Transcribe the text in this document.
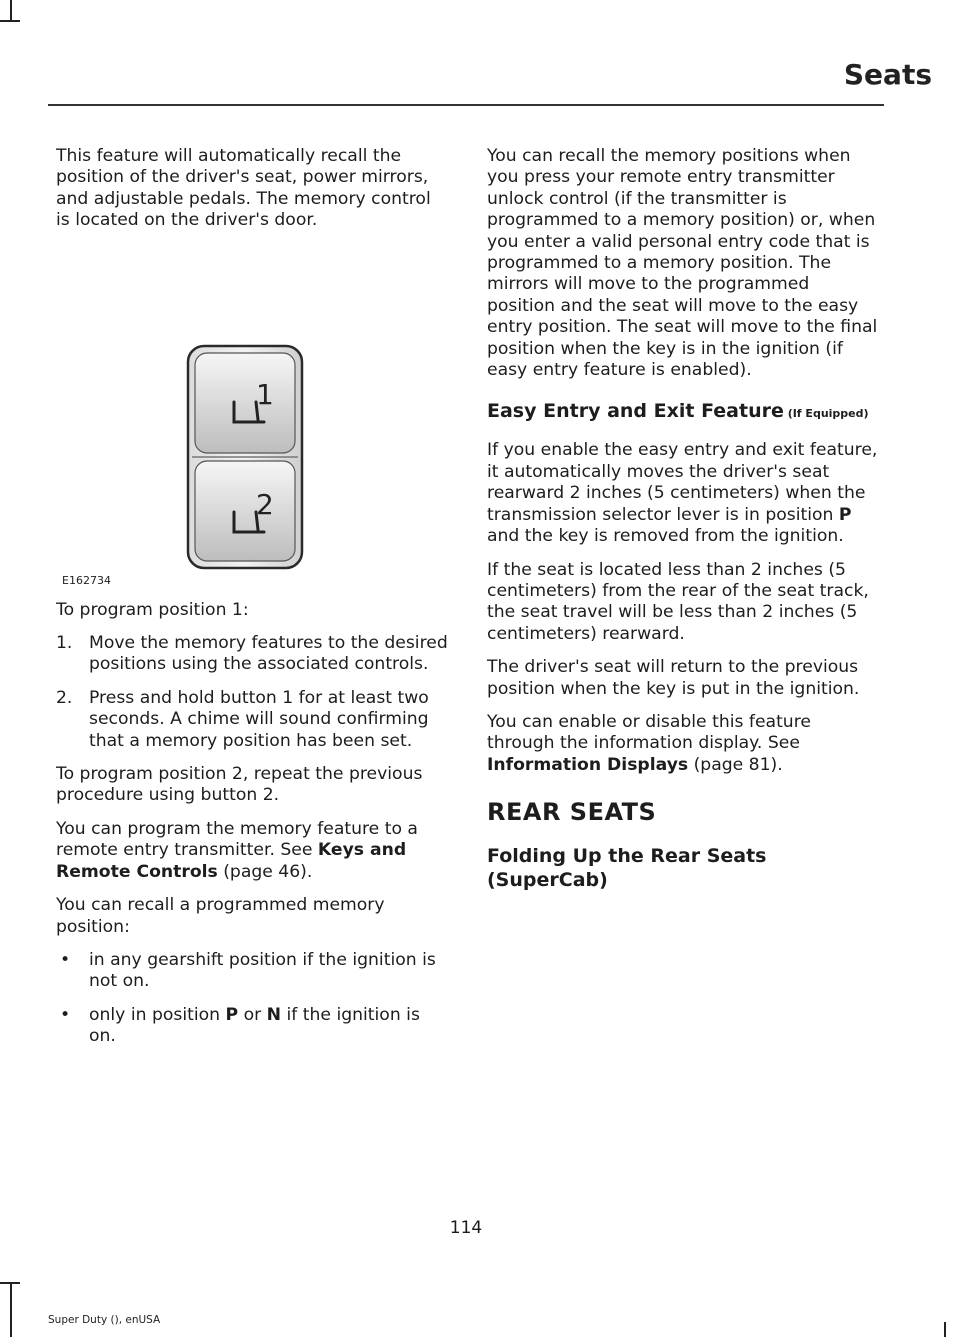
Seats

This feature will automatically recall the position of the driver's seat, power mirrors, and adjustable pedals. The memory control is located on the driver's door.

1
2
E162734

To program position 1:

1. Move the memory features to the desired positions using the associated controls.
2. Press and hold button 1 for at least two seconds. A chime will sound confirming that a memory position has been set.

To program position 2, repeat the previous procedure using button 2.

You can program the memory feature to a remote entry transmitter. See Keys and Remote Controls (page 46).

You can recall a programmed memory position:

• in any gearshift position if the ignition is not on.
• only in position P or N if the ignition is on.

You can recall the memory positions when you press your remote entry transmitter unlock control (if the transmitter is programmed to a memory position) or, when you enter a valid personal entry code that is programmed to a memory position. The mirrors will move to the programmed position and the seat will move to the easy entry position. The seat will move to the final position when the key is in the ignition (if easy entry feature is enabled).

Easy Entry and Exit Feature (If Equipped)

If you enable the easy entry and exit feature, it automatically moves the driver's seat rearward 2 inches (5 centimeters) when the transmission selector lever is in position P and the key is removed from the ignition.

If the seat is located less than 2 inches (5 centimeters) from the rear of the seat track, the seat travel will be less than 2 inches (5 centimeters) rearward.

The driver's seat will return to the previous position when the key is put in the ignition.

You can enable or disable this feature through the information display. See Information Displays (page 81).

REAR SEATS
Folding Up the Rear Seats (SuperCab)
114
Super Duty (), enUSA
